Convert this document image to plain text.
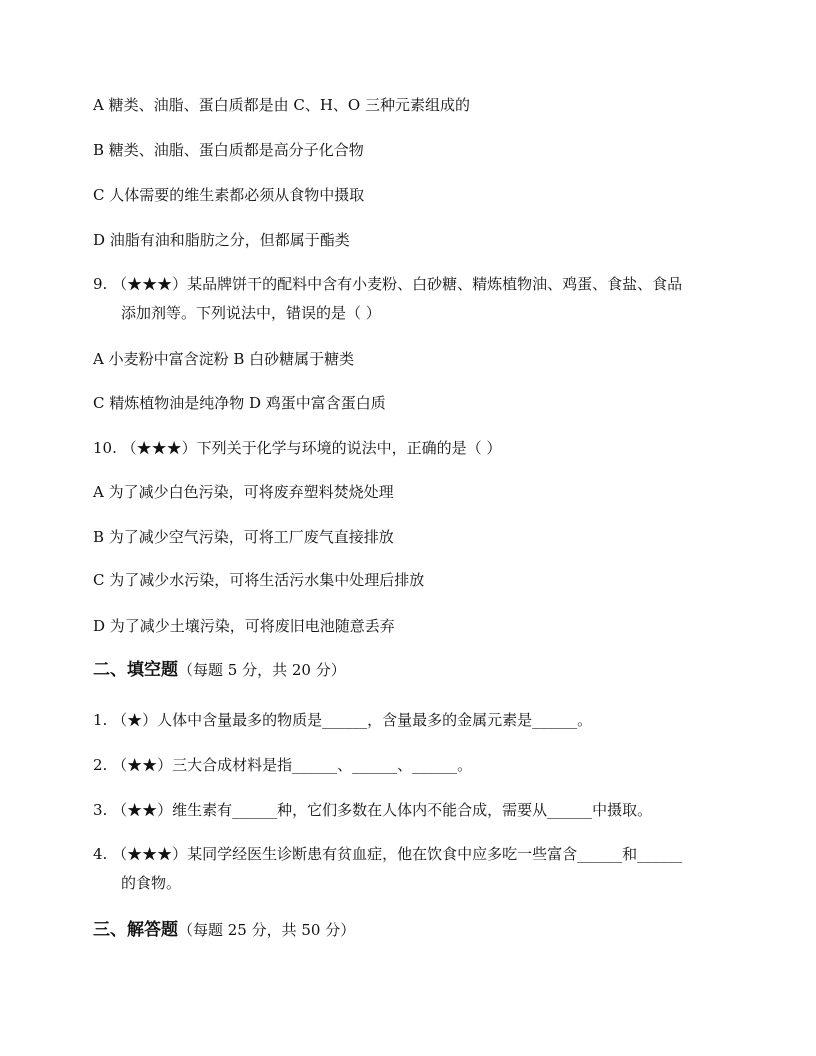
A 糖类、油脂、蛋白质都是由 C、H、O 三种元素组成的
B 糖类、油脂、蛋白质都是高分子化合物
C 人体需要的维生素都必须从食物中摄取
D 油脂有油和脂肪之分，但都属于酯类
9. （★★★）某品牌饼干的配料中含有小麦粉、白砂糖、精炼植物油、鸡蛋、食盐、食品
添加剂等。下列说法中，错误的是（ ）
A 小麦粉中富含淀粉 B 白砂糖属于糖类
C 精炼植物油是纯净物 D 鸡蛋中富含蛋白质
10. （★★★）下列关于化学与环境的说法中，正确的是（ ）
A 为了减少白色污染，可将废弃塑料焚烧处理
B 为了减少空气污染，可将工厂废气直接排放
C 为了减少水污染，可将生活污水集中处理后排放
D 为了减少土壤污染，可将废旧电池随意丢弃
二、填空题（每题 5 分，共 20 分）
1. （★）人体中含量最多的物质是______，含量最多的金属元素是______。
2. （★★）三大合成材料是指______、______、______。
3. （★★）维生素有______种，它们多数在人体内不能合成，需要从______中摄取。
4. （★★★）某同学经医生诊断患有贫血症，他在饮食中应多吃一些富含______和______
的食物。
三、解答题（每题 25 分，共 50 分）
